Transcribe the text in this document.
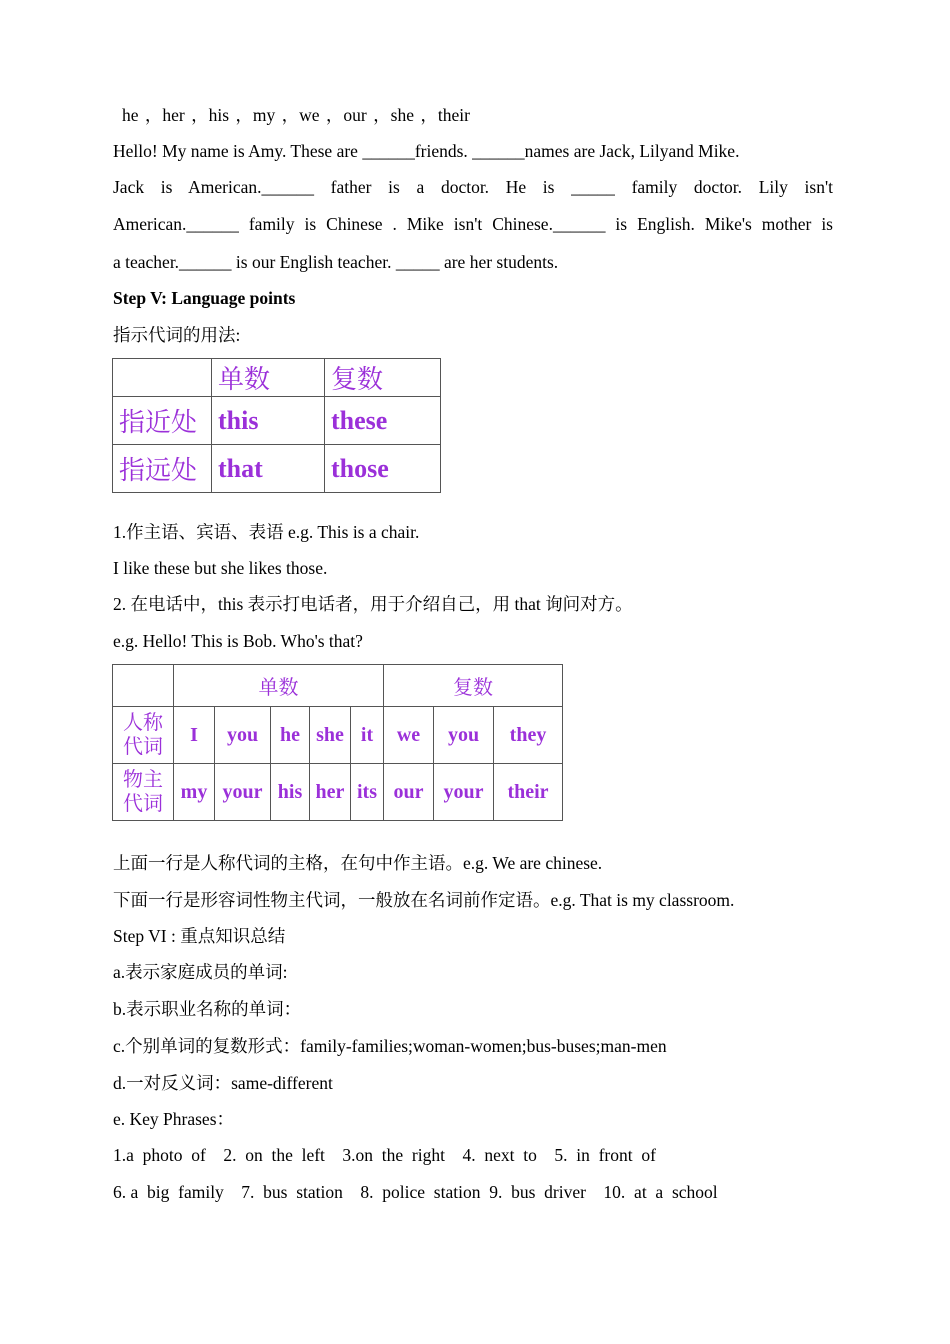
he ，her ，his ，my ，we ，our ，she ，their
Hello! My name is Amy. These are ______friends. ______names are Jack, Lilyand Mike.
Jack is American.______ father is a doctor. He is _____ family doctor. Lily isn't
American.______ family is Chinese . Mike isn't Chinese.______ is English. Mike's mother is
a teacher.______ is our English teacher. _____ are her students.
Step V: Language points
指示代词的用法:
	单数	复数
指近处	this	these
指远处	that	those
1.作主语、宾语、表语 e.g. This is a chair.
I like these but she likes those.
2. 在电话中，this 表示打电话者，用于介绍自己，用 that 询问对方。
e.g. Hello! This is Bob. Who's that?
	单数					复数		

人称
代词	I	you	he	she	it	we	you	they

物主
代词	my	your	his	her	its	our	your	their
上面一行是人称代词的主格，在句中作主语。e.g. We are chinese.
下面一行是形容词性物主代词，一般放在名词前作定语。e.g. That is my classroom.
Step VI : 重点知识总结
a.表示家庭成员的单词:
b.表示职业名称的单词：
c.个别单词的复数形式：family-families;woman-women;bus-buses;man-men
d.一对反义词：same-different
e. Key Phrases：
1.a  photo  of    2.  on  the  left    3.on  the  right    4.  next  to    5.  in  front  of
6. a  big  family    7.  bus  station    8.  police  station  9.  bus  driver    10.  at  a  school
